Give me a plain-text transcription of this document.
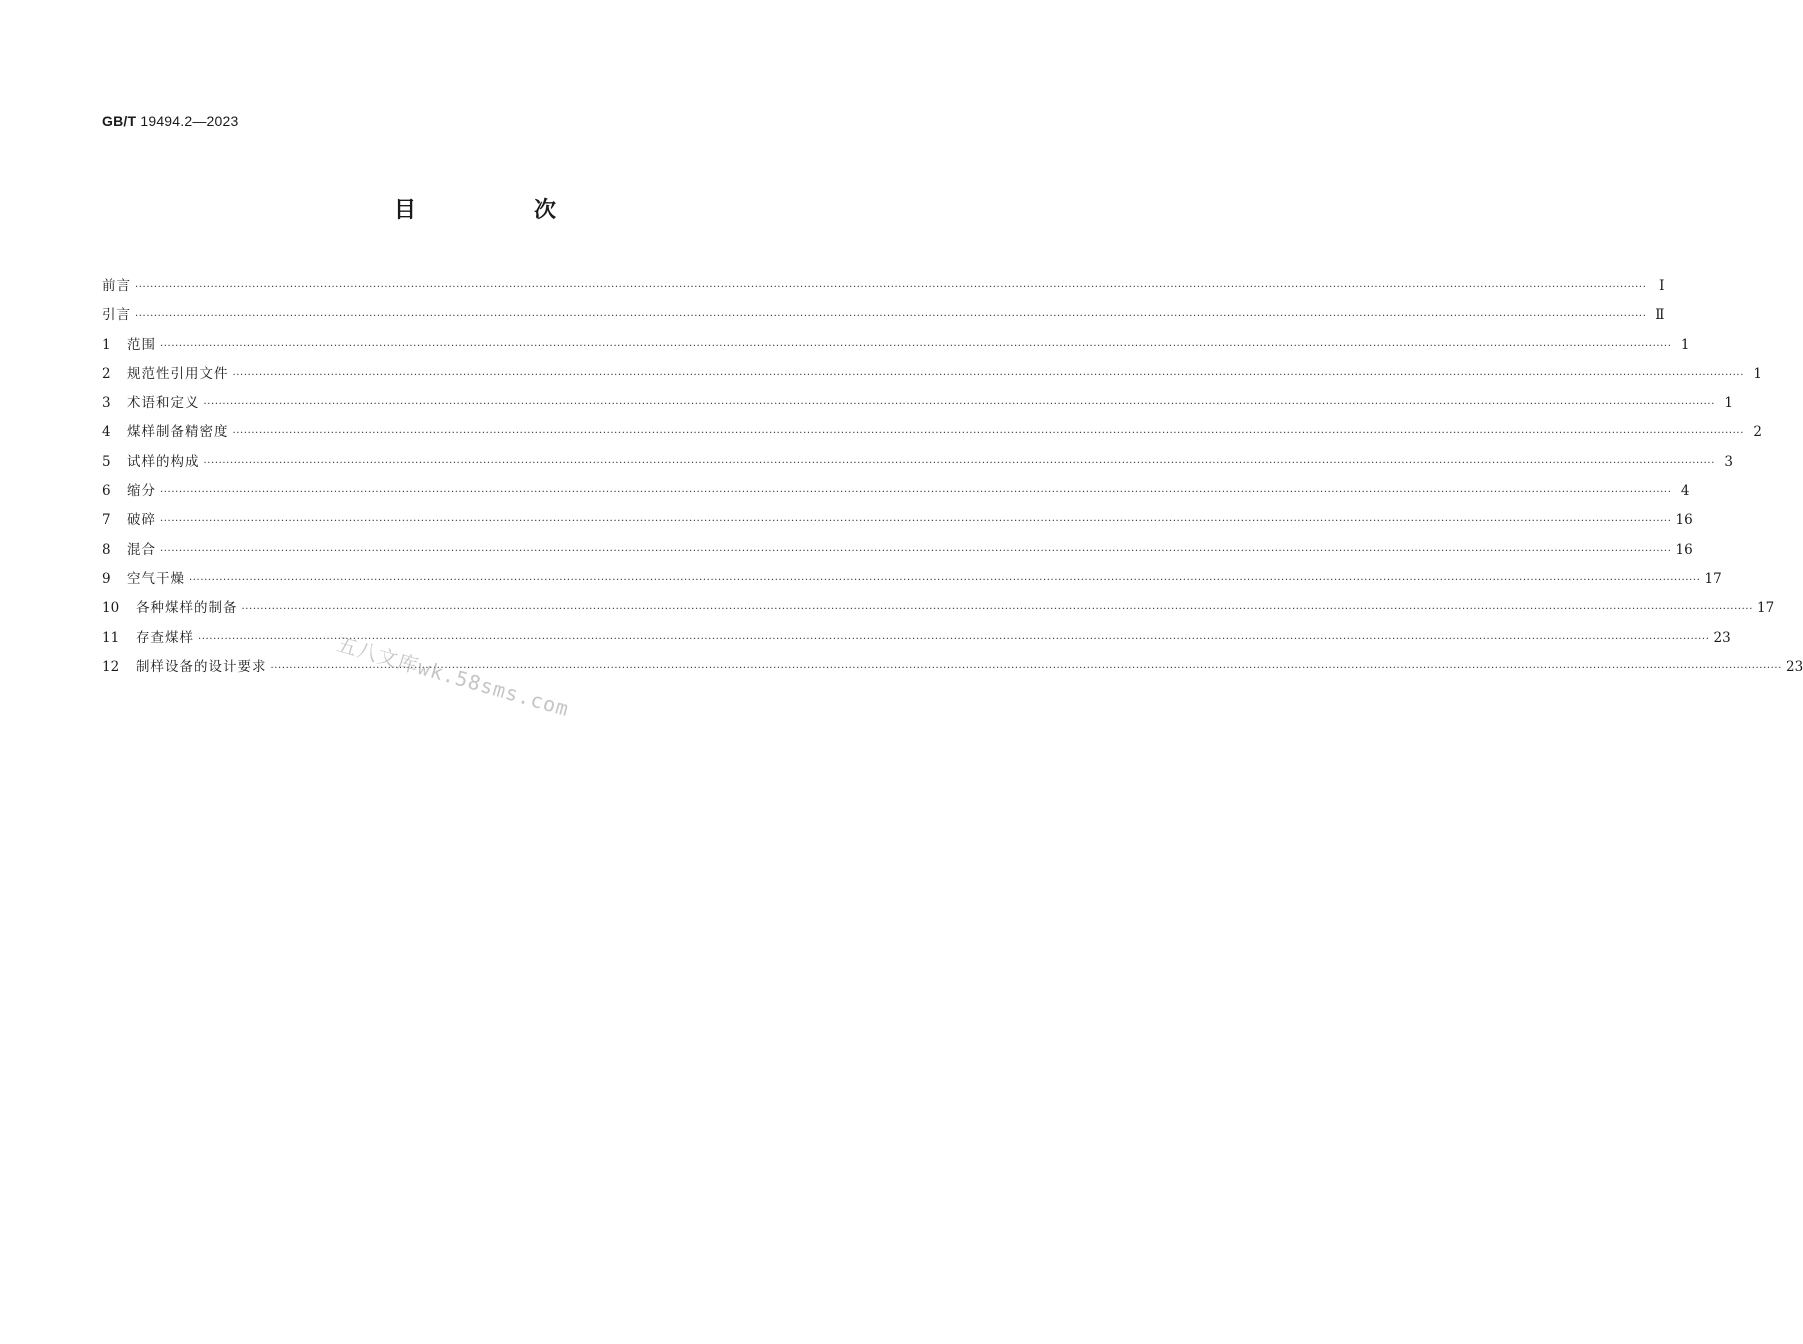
GB/T 19494.2—2023
目　次
前言 ················································································································································································································································································································································································································ Ⅰ
引言 ················································································································································································································································································································································································································ Ⅱ
1	范围 ················································································································································································································································································································································································································ 1
2	规范性引用文件 ················································································································································································································································································································································································································ 1
3	术语和定义 ················································································································································································································································································································································································································ 1
4	煤样制备精密度 ················································································································································································································································································································································································································ 2
5	试样的构成 ················································································································································································································································································································································································································ 3
6	缩分 ················································································································································································································································································································································································································ 4
7	破碎 ················································································································································································································································································································································································································ 16
8	混合 ················································································································································································································································································································································································································ 16
9	空气干燥 ················································································································································································································································································································································································································ 17
10	各种煤样的制备 ················································································································································································································································································································································································································ 17
11	存查煤样 ················································································································································································································································································································································································································ 23
12	制样设备的设计要求 ················································································································································································································································································································································································································ 23
五八文库wk.58sms.com
